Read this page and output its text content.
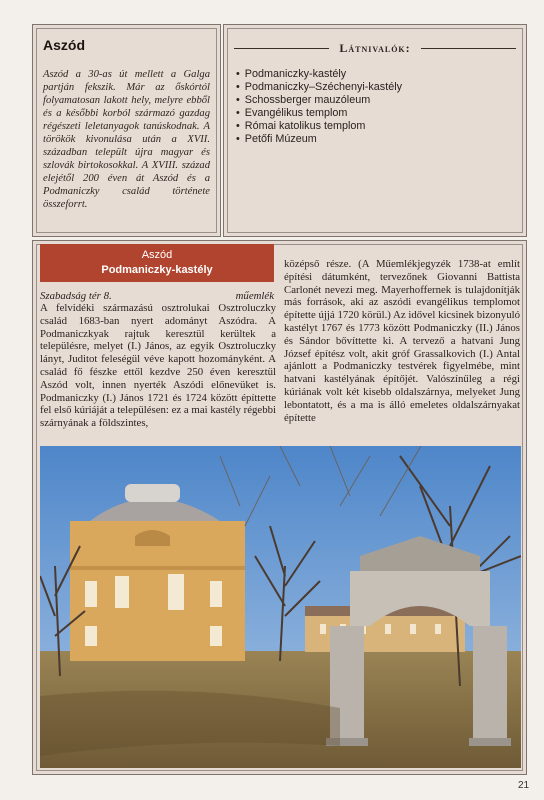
Aszód

Aszód a 30-as út mellett a Galga partján fekszik. Már az őskórtól folyamatosan lakott hely, melyre ebből és a későbbi korból származó gazdag régészeti leletanyagok tanúskodnak. A törökök kivonulása után a XVII. században települt újra magyar és szlovák birtokosokkal. A XVIII. század elejétől 200 éven át Aszód és a Podmaniczky család története összeforrt.

Látnivalók:
• Podmaniczky-kastély
• Podmaniczky–Széchenyi-kastély
• Schossberger mauzóleum
• Evangélikus templom
• Római katolikus templom
• Petőfi Múzeum
Aszód
Podmaniczky-kastély
Szabadság tér 8.	műemlék

A felvidéki származású osztrolukai Osztroluczky család 1683-ban nyert adományt Aszódra. A Podmaniczkyak rajtuk keresztül kerültek a településre, melyet (I.) János, az egyik Osztroluczky lányt, Juditot feleségül véve kapott hozományként. A család fő fészke ettől kezdve 250 éven keresztül Aszód volt, innen nyerték Aszódi előnevüket is. Podmaniczky (I.) János 1721 és 1724 között építtette fel első kúriáját a településen: ez a mai kastély régebbi szárnyának a földszintes,

középső része. (A Műemlékjegyzék 1738-at említ építési dátumként, tervezőnek Giovanni Battista Carlonét nevezi meg. Mayerhoffernek is tulajdonítják más források, aki az aszódi evangélikus templomot építette újjá 1720 körül.) Az idővel kicsinek bizonyuló kastélyt 1767 és 1773 között Podmaniczky (II.) János és Sándor bővíttette ki. A tervező a hatvani Jung József építész volt, akit gróf Grassalkovich (I.) Antal ajánlott a Podmaniczky testvérek figyelmébe, mint hatvani kastélyának építőjét. Valószínűleg a régi kúriának volt két kisebb oldalszárnya, melyeket Jung lebontatott, és a ma is álló emeletes oldalszárnyakat építette

21
